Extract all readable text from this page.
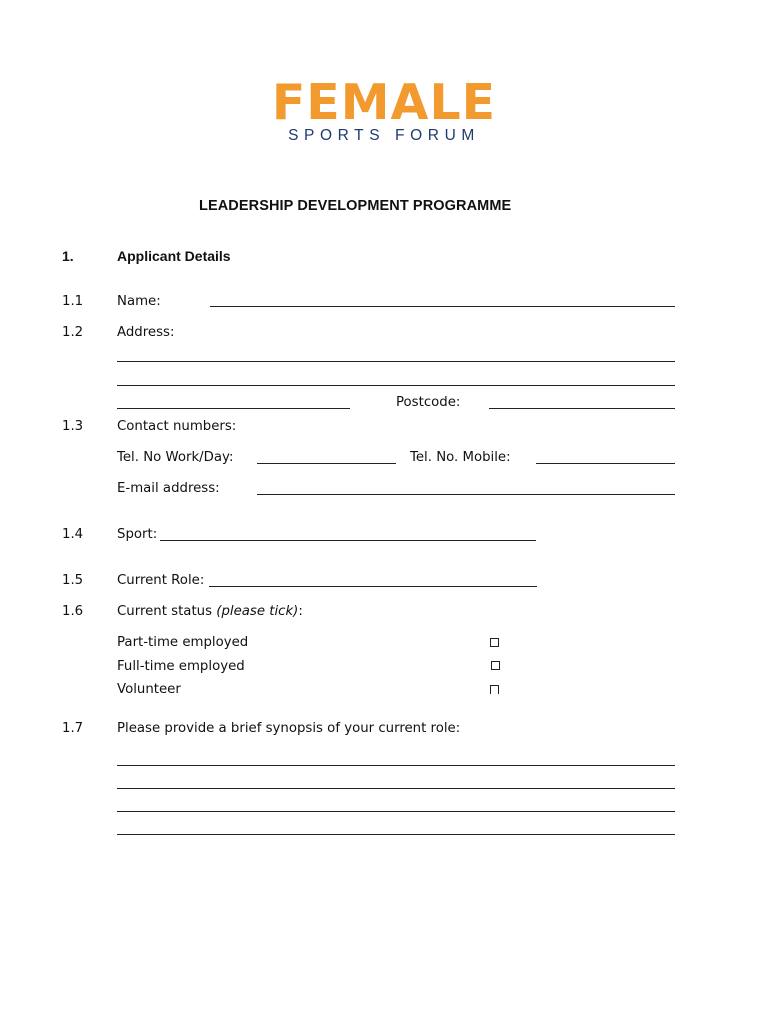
FEMALE
SPORTS FORUM
LEADERSHIP DEVELOPMENT PROGRAMME
1.	Applicant Details
1.1	Name:
1.2	Address:
Postcode:
1.3	Contact numbers:
Tel. No Work/Day:	Tel. No. Mobile:
E-mail address:
1.4	Sport:
1.5	Current Role:
1.6	Current status (please tick):
Part-time employed
Full-time employed
Volunteer
1.7	Please provide a brief synopsis of your current role:
